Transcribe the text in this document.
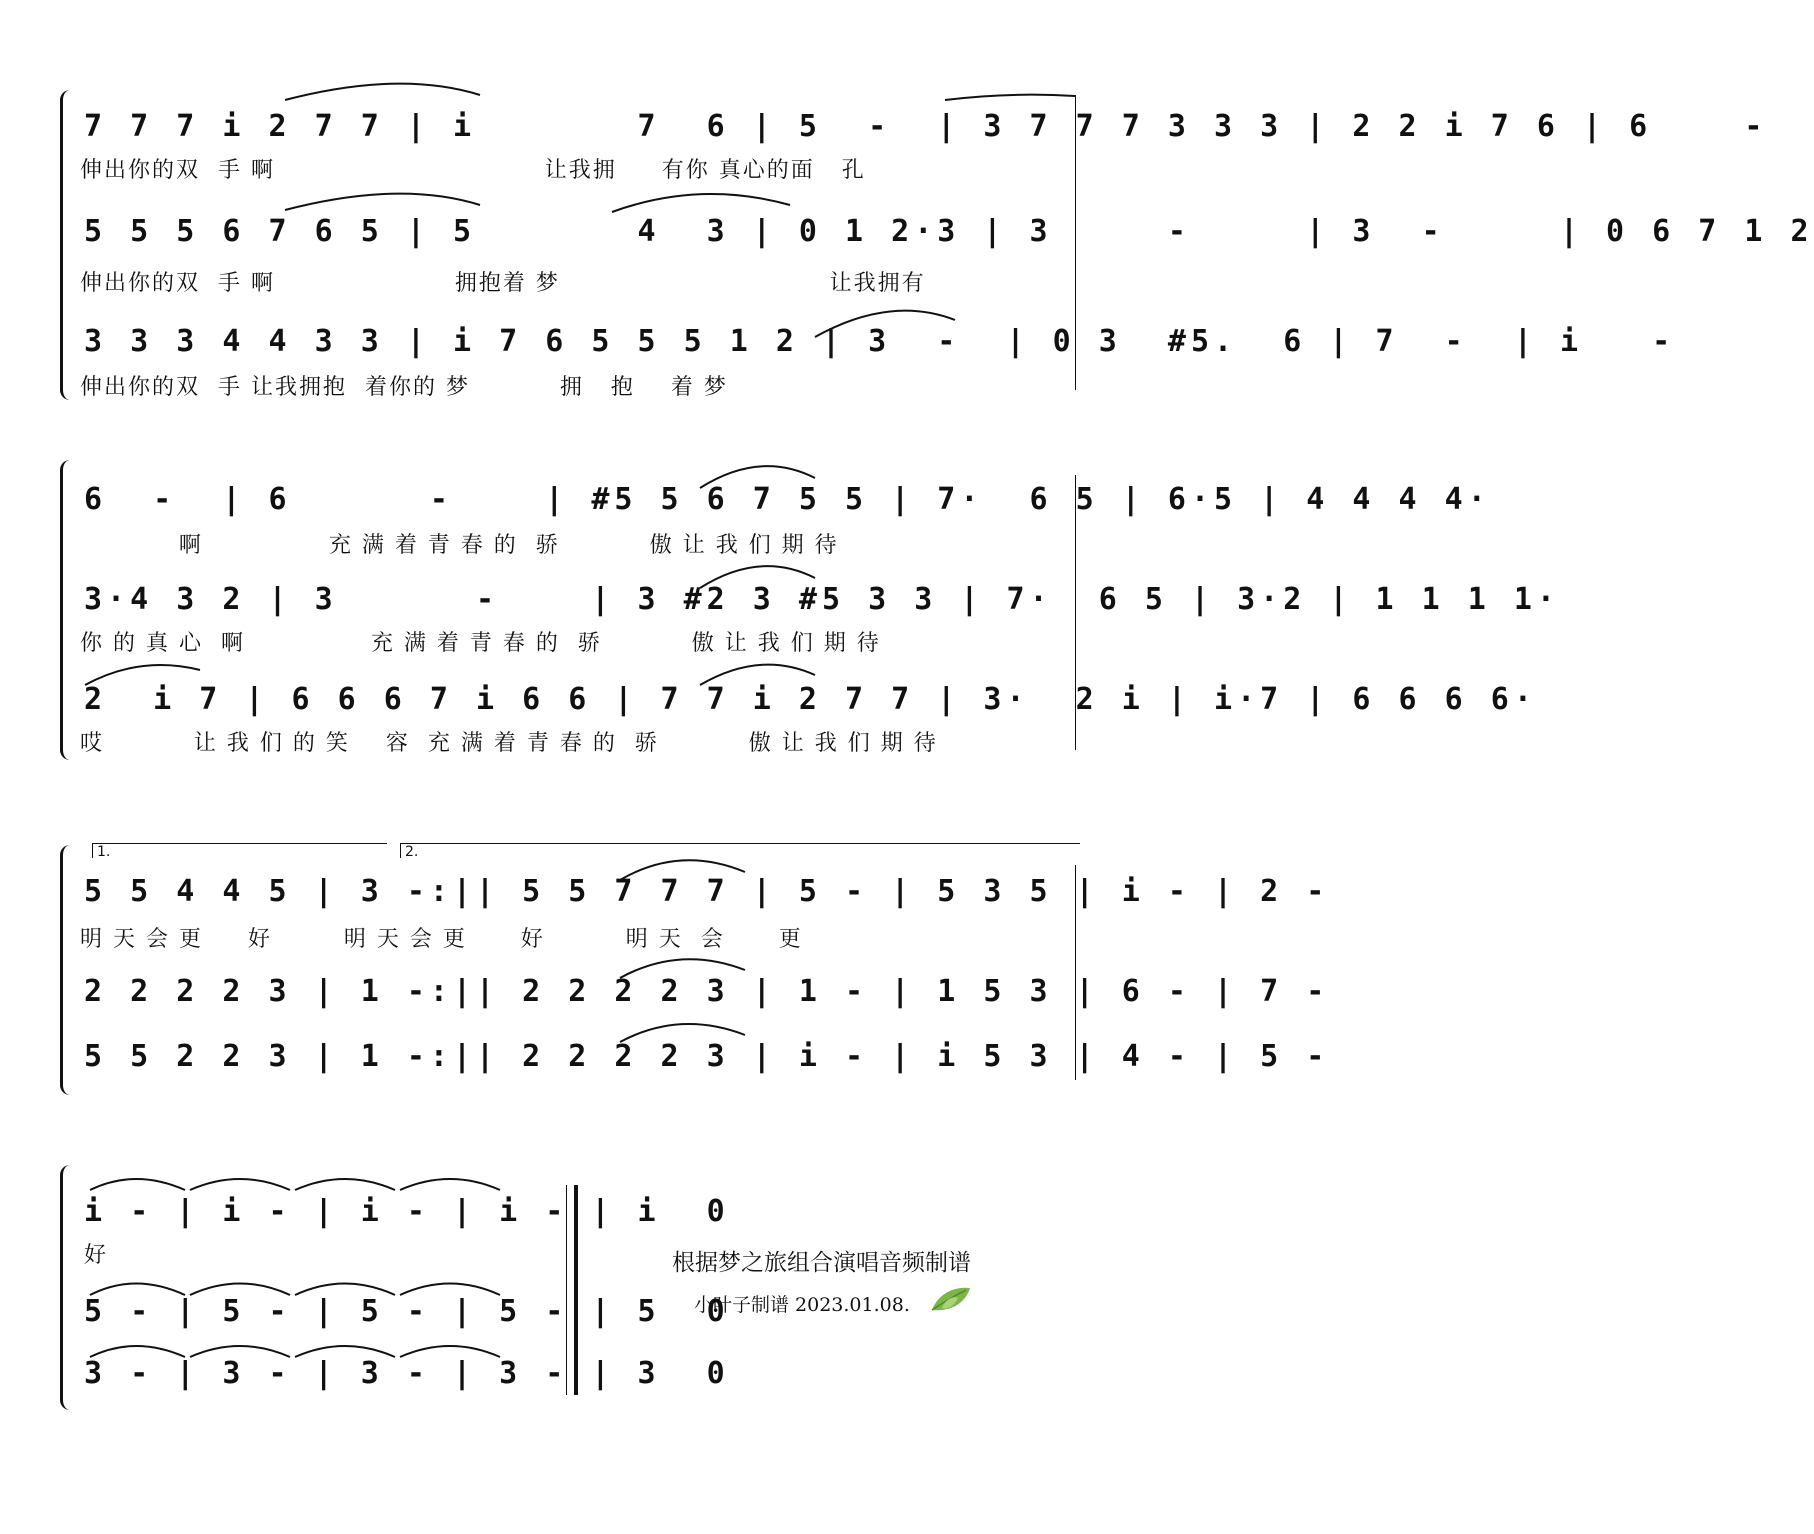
7 7 7 i 2 7 7 | i       7  6 | 5  -  | 3 7 7 7 3 3 3 | 2 2 i 7 6 | 6    -
伸出你的双  手 啊                              让我拥     有你 真心的面   孔
5 5 5 6 7 6 5 | 5       4  3 | 0 1 2·3 | 3     -     | 3  -     | 0 6 7 1 2
伸出你的双  手 啊                    拥抱着 梦                              让我拥有
3 3 3 4 4 3 3 | i 7 6 5 5 5 1 2 | 3  -  | 0 3  #5.  6 | 7  -  | i   -
伸出你的双  手 让我拥抱  着你的 梦          拥   抱    着 梦
6  -  | 6      -    | #5 5 6 7 5 5 | 7·  6 5 | 6·5 | 4 4 4 4·
啊              充 满 着 青 春 的  骄          傲 让 我 们 期 待
3·4 3 2 | 3      -    | 3 #2 3 #5 3 3 | 7·  6 5 | 3·2 | 1 1 1 1·
你 的 真 心  啊              充 满 着 青 春 的  骄          傲 让 我 们 期 待
2  i 7 | 6 6 6 7 i 6 6 | 7 7 i 2 7 7 | 3·  2 i | i·7 | 6 6 6 6·
哎          让 我 们 的 笑    容  充 满 着 青 春 的  骄          傲 让 我 们 期 待
1.	2.
5 5 4 4 5 | 3 -:|| 5 5 7 7 7 | 5 - | 5 3 5 | i - | 2 -
明 天 会 更     好        明 天 会 更      好         明 天  会      更
2 2 2 2 3 | 1 -:|| 2 2 2 2 3 | 1 - | 1 5 3 | 6 - | 7 -
5 5 2 2 3 | 1 -:|| 2 2 2 2 3 | i - | i 5 3 | 4 - | 5 -
i - | i - | i - | i - | i  0
好
5 - | 5 - | 5 - | 5 - | 5  0
3 - | 3 - | 3 - | 3 - | 3  0
根据梦之旅组合演唱音频制谱
小叶子制谱 2023.01.08.
